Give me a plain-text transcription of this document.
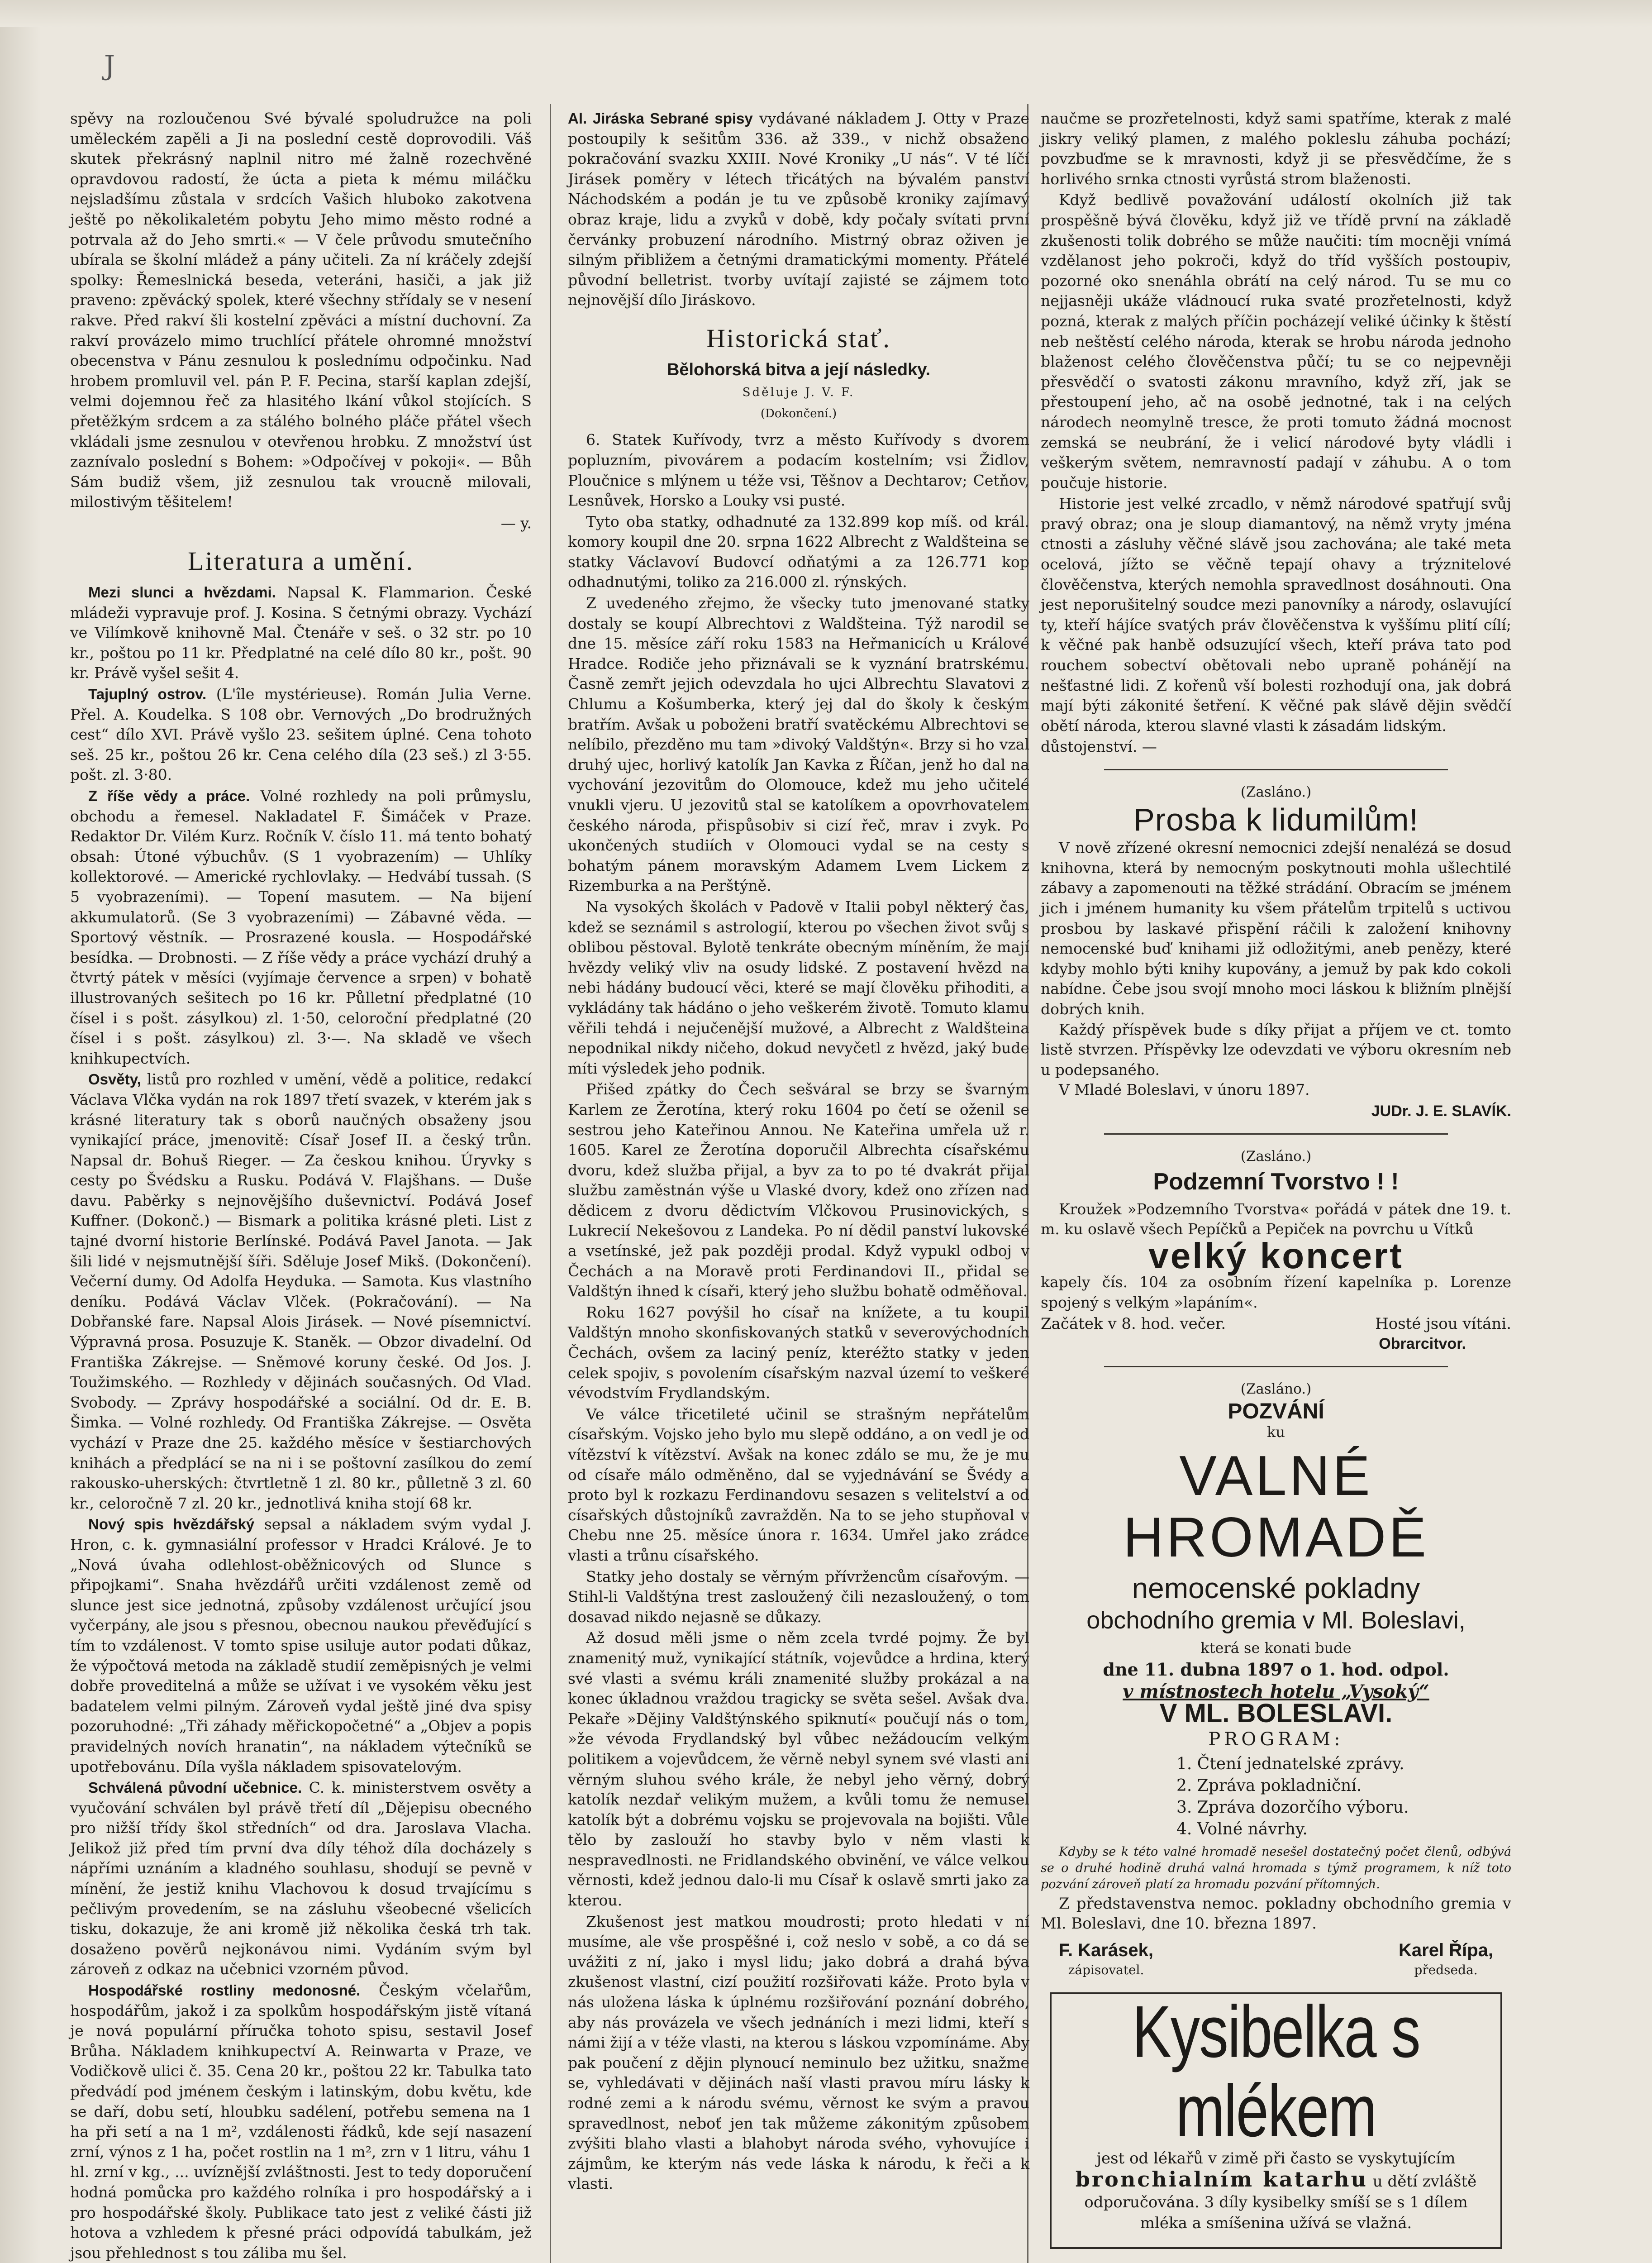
J

spěvy na rozloučenou Své bývalé spoludružce na poli uměleckém zapěli a Ji na poslední cestě doprovodili. Váš skutek překrásný naplnil nitro mé žalně rozechvěné opravdovou radostí, že úcta a pieta k mému miláčku nejsladšímu zůstala v srdcích Vašich hluboko zakotvena ještě po několikaletém pobytu Jeho mimo město rodné a potrvala až do Jeho smrti.« — V čele průvodu smutečního ubírala se školní mládež a pány učiteli. Za ní kráčely zdejší spolky: Řemeslnická beseda, veteráni, hasiči, a jak již praveno: zpěvácký spolek, které všechny střídaly se v nesení rakve. Před rakví šli kostelní zpěváci a místní duchovní. Za rakví provázelo mimo truchlící přátele ohromné množství obecenstva v Pánu zesnulou k poslednímu odpočinku. Nad hrobem promluvil vel. pán P. F. Pecina, starší kaplan zdejší, velmi dojemnou řeč za hlasitého lkání vůkol stojících. S přetěžkým srdcem a za stálého bolného pláče přátel všech vkládali jsme zesnulou v otevřenou hrobku. Z množství úst zaznívalo poslední s Bohem: »Odpočívej v pokoji«. — Bůh Sám budiž všem, již zesnulou tak vroucně milovali, milostivým těšitelem!

— y.

Literatura a umění.

Mezi slunci a hvězdami. Napsal K. Flammarion. České mládeži vypravuje prof. J. Kosina. S četnými obrazy. Vychází ve Vilímkově knihovně Mal. Čtenáře v seš. o 32 str. po 10 kr., poštou po 11 kr. Předplatné na celé dílo 80 kr., pošt. 90 kr. Právě vyšel sešit 4.

Tajuplný ostrov. (L'île mystérieuse). Román Julia Verne. Přel. A. Koudelka. S 108 obr. Vernových „Do brodružných cest“ dílo XVI. Právě vyšlo 23. sešitem úplné. Cena tohoto seš. 25 kr., poštou 26 kr. Cena celého díla (23 seš.) zl 3·55. pošt. zl. 3·80.

Z říše vědy a práce. Volné rozhledy na poli průmyslu, obchodu a řemesel. Nakladatel F. Šimáček v Praze. Redaktor Dr. Vilém Kurz. Ročník V. číslo 11. má tento bohatý obsah: Útoné výbuchův. (S 1 vyobrazením) — Uhlíky kollektorové. — Americké rychlovlaky. — Hedvábí tussah. (S 5 vyobrazeními). — Topení masutem. — Na bijení akkumulatorů. (Se 3 vyobrazeními) — Zábavné věda. — Sportový věstník. — Prosrazené kousla. — Hospodářské besídka. — Drobnosti. — Z říše vědy a práce vychází druhý a čtvrtý pátek v měsíci (vyjímaje července a srpen) v bohatě illustrovaných sešitech po 16 kr. Půlletní předplatné (10 čísel i s pošt. zásylkou) zl. 1·50, celoroční předplatné (20 čísel i s pošt. zásylkou) zl. 3·—. Na skladě ve všech knihkupectvích.

Osvěty, listů pro rozhled v umění, vědě a politice, redakcí Václava Vlčka vydán na rok 1897 třetí svazek, v kterém jak s krásné literatury tak s oborů naučných obsaženy jsou vynikající práce, jmenovitě: Císař Josef II. a český trůn. Napsal dr. Bohuš Rieger. — Za českou knihou. Úryvky s cesty po Švédsku a Rusku. Podává V. Flajšhans. — Duše davu. Paběrky s nejnovějšího duševnictví. Podává Josef Kuffner. (Dokonč.) — Bismark a politika krásné pleti. List z tajné dvorní historie Berlínské. Podává Pavel Janota. — Jak šili lidé v nejsmutnější šíři. Sděluje Josef Mikš. (Dokončení). Večerní dumy. Od Adolfa Heyduka. — Samota. Kus vlastního deníku. Podává Václav Vlček. (Pokračování). — Na Dobřanské fare. Napsal Alois Jirásek. — Nové písemnictví. Výpravná prosa. Posuzuje K. Staněk. — Obzor divadelní. Od Františka Zákrejse. — Sněmové koruny české. Od Jos. J. Toužimského. — Rozhledy v dějinách současných. Od Vlad. Svobody. — Zprávy hospodářské a sociální. Od dr. E. B. Šimka. — Volné rozhledy. Od Františka Zákrejse. — Osvěta vychází v Praze dne 25. každého měsíce v šestiarchových knihách a předplácí se na ni i se poštovní zasílkou do zemí rakousko-uherských: čtvrtletně 1 zl. 80 kr., půlletně 3 zl. 60 kr., celoročně 7 zl. 20 kr., jednotlivá kniha stojí 68 kr.

Nový spis hvězdářský sepsal a nákladem svým vydal J. Hron, c. k. gymnasiální professor v Hradci Králové. Je to „Nová úvaha odlehlost-oběžnicových od Slunce s připojkami“. Snaha hvězdářů určiti vzdálenost země od slunce jest sice jednotná, způsoby vzdálenost určující jsou vyčerpány, ale jsou s přesnou, obecnou naukou převěďující s tím to vzdálenost. V tomto spise usiluje autor podati důkaz, že výpočtová metoda na základě studií zeměpisných je velmi dobře proveditelná a může se užívat i ve vysokém věku jest badatelem velmi pilným. Zároveň vydal ještě jiné dva spisy pozoruhodné: „Tři záhady měřickopočetné“ a „Objev a popis pravidelných novích hranatin“, na nákladem výtečníků se upotřebovánu. Díla vyšla nákladem spisovatelovým.

Schválená původní učebnice. C. k. ministerstvem osvěty a vyučování schválen byl právě třetí díl „Dějepisu obecného pro nižší třídy škol středních“ od dra. Jaroslava Vlacha. Jelikož již před tím první dva díly téhož díla docházely s nápřími uznáním a kladného souhlasu, shodují se pevně v mínění, že jestiž knihu Vlachovou k dosud trvajícímu s pečlivým provedením, se na zásluhu všeobecné všelicích tisku, dokazuje, že ani kromě již několika česká trh tak. dosaženo pověrů nejkonávou nimi. Vydáním svým byl zároveň z odkaz na učebnici vzorném původ.

Hospodářské rostliny medonosné. Českým včelařům, hospodářům, jakož i za spolkům hospodářským jistě vítaná je nová populární příručka tohoto spisu, sestavil Josef Brůha. Nákladem knihkupectví A. Reinwarta v Praze, ve Vodičkově ulici č. 35. Cena 20 kr., poštou 22 kr. Tabulka tato předvádí pod jménem českým i latinským, dobu květu, kde se daří, dobu setí, hloubku sadélení, potřebu semena na 1 ha při setí a na 1 m², vzdálenosti řádků, kde sejí nasazení zrní, výnos z 1 ha, počet rostlin na 1 m², zrn v 1 litru, váhu 1 hl. zrní v kg., ... uvíznější zvláštnosti. Jest to tedy doporučení hodná pomůcka pro každého rolníka i pro hospodářský a i pro hospodářské školy. Publikace tato jest z veliké části již hotova a vzhledem k přesné práci odpovídá tabulkám, jež jsou přehlednost s tou záliba mu šel.

Al. Jiráska Sebrané spisy vydávané nákladem J. Otty v Praze postoupily k sešitům 336. až 339., v nichž obsaženo pokračování svazku XXIII. Nové Kroniky „U nás“. V té líčí Jirásek poměry v létech třicátých na bývalém panství Náchodském a podán je tu ve způsobě kroniky zajímavý obraz kraje, lidu a zvyků v době, kdy počaly svítati první červánky probuzení národního. Mistrný obraz oživen je silným přibližem a četnými dramatickými momenty. Přátelé původní belletrist. tvorby uvítají zajisté se zájmem toto nejnovější dílo Jiráskovo.

Historická stať.
Bělohorská bitva a její následky.
Sděluje J. V. F.
(Dokončení.)

6. Statek Kuřívody, tvrz a město Kuřívody s dvorem popluzním, pivovárem a podacím kostelním; vsi Židlov, Ploučnice s mlýnem u téže vsi, Těšnov a Dechtarov; Cetňov, Lesnůvek, Horsko a Louky vsi pusté.

Tyto oba statky, odhadnuté za 132.899 kop míš. od král. komory koupil dne 20. srpna 1622 Albrecht z Waldšteina se statky Václavoví Budovcí odňatými a za 126.771 kop odhadnutými, toliko za 216.000 zl. rýnských.

Z uvedeného zřejmo, že všecky tuto jmenované statky dostaly se koupí Albrechtovi z Waldšteina. Týž narodil se dne 15. měsíce září roku 1583 na Heřmanicích u Králové Hradce. Rodiče jeho přiznávali se k vyznání bratrskému. Časně zemřt jejich odevzdala ho ujci Albrechtu Slavatovi z Chlumu a Košumberka, který jej dal do školy k českým bratřím. Avšak u poboženi bratří svatěckému Albrechtovi se nelíbilo, přezděno mu tam »divoký Valdštýn«. Brzy si ho vzal druhý ujec, horlivý katolík Jan Kavka z Říčan, jenž ho dal na vychování jezovitům do Olomouce, kdež mu jeho učitelé vnukli vjeru. U jezovitů stal se katolíkem a opovrhovatelem českého národa, přispůsobiv si cizí řeč, mrav i zvyk. Po ukončených studiích v Olomouci vydal se na cesty s bohatým pánem moravským Adamem Lvem Lickem z Rizemburka a na Perštýně.

Na vysokých školách v Padově v Italii pobyl některý čas, kdež se seznámil s astrologií, kterou po všechen život svůj s oblibou pěstoval. Bylotě tenkráte obecným míněním, že mají hvězdy veliký vliv na osudy lidské. Z postavení hvězd na nebi hádány budoucí věci, které se mají člověku přihoditi, a vykládány tak hádáno o jeho veškerém životě. Tomuto klamu věřili tehdá i nejučenější mužové, a Albrecht z Waldšteina nepodnikal nikdy ničeho, dokud nevyčetl z hvězd, jaký bude míti výsledek jeho podnik.

Přišed zpátky do Čech sešváral se brzy se švarným Karlem ze Žerotína, který roku 1604 po četí se oženil se sestrou jeho Kateřinou Annou. Ne Kateřina umřela už r. 1605. Karel ze Žerotína doporučil Albrechta císařskému dvoru, kdež služba přijal, a byv za to po té dvakrát přijal službu zaměstnán výše u Vlaské dvory, kdež ono zřízen nad dědicem z dvoru dědictvím Vlčkovou Prusinovických, s Lukrecií Nekešovou z Landeka. Po ní dědil panství lukovské a vsetínské, jež pak později prodal. Když vypukl odboj v Čechách a na Moravě proti Ferdinandovi II., přidal se Valdštýn ihned k císaři, který jeho službu bohatě odměňoval.

Roku 1627 povýšil ho císař na knížete, a tu koupil Valdštýn mnoho skonfiskovaných statků v severovýchodních Čechách, ovšem za laciný peníz, kteréžto statky v jeden celek spojiv, s povolením císařským nazval území to veškeré vévodstvím Frydlandským.

Ve válce třicetileté učinil se strašným nepřátelům císařským. Vojsko jeho bylo mu slepě oddáno, a on vedl je od vítězství k vítězství. Avšak na konec zdálo se mu, že je mu od císaře málo odměněno, dal se vyjednávání se Švédy a proto byl k rozkazu Ferdinandovu sesazen s velitelství a od císařských důstojníků zavražděn. Na to se jeho stupňoval v Chebu nne 25. měsíce února r. 1634. Umřel jako zrádce vlasti a trůnu císařského.

Statky jeho dostaly se věrným přívržencům císařovým. — Stihl-li Valdštýna trest zasloužený čili nezasloužený, o tom dosavad nikdo nejasně se důkazy.

Až dosud měli jsme o něm zcela tvrdé pojmy. Že byl znamenitý muž, vynikající státník, vojevůdce a hrdina, který své vlasti a svému králi znamenité služby prokázal a na konec úkladnou vraždou tragicky se světa sešel. Avšak dva. Pekaře »Dějiny Valdštýnského spiknutí« poučují nás o tom, »že vévoda Frydlandský byl vůbec nežádoucím velkým politikem a vojevůdcem, že věrně nebyl synem své vlasti ani věrným sluhou svého krále, že nebyl jeho věrný, dobrý katolík nezdař velikým mužem, a kvůli tomu že nemusel katolík být a dobrému vojsku se projevovala na bojišti. Vůle tělo by zaslouží ho stavby bylo v něm vlasti k nespravedlnosti. ne Fridlandského obvinění, ve válce velkou věrnosti, kdež jednou dalo-li mu Císař k oslavě smrti jako za kterou.

Zkušenost jest matkou moudrosti; proto hledati v ní musíme, ale vše prospěšné i, což neslo v sobě, a co dá se uvážiti z ní, jako i mysl lidu; jako dobrá a drahá býva zkušenost vlastní, cizí použití rozšiřovati káže. Proto byla v nás uložena láska k úplnému rozšiřování poznání dobrého, aby nás provázela ve všech jednáních i mezi lidmi, kteří s námi žijí a v téže vlasti, na kterou s láskou vzpomínáme. Aby pak poučení z dějin plynoucí neminulo bez užitku, snažme se, vyhledávati v dějinách naší vlasti pravou míru lásky k rodné zemi a k národu svému, věrnost ke svým a pravou spravedlnost, neboť jen tak můžeme zákonitým způsobem zvýšiti blaho vlasti a blahobyt národa svého, vyhovujíce i zájmům, ke kterým nás vede láska k národu, k řeči a k vlasti.

naučme se prozřetelnosti, když sami spatříme, kterak z malé jiskry veliký plamen, z malého pokleslu záhuba pochází; povzbuďme se k mravnosti, když ji se přesvědčíme, že s horlivého srnka ctnosti vyrůstá strom blaženosti.

Když bedlivě považování událostí okolních již tak prospěšně bývá člověku, když již ve třídě první na základě zkušenosti tolik dobrého se může naučiti: tím mocněji vnímá vzdělanost jeho pokroči, když do tříd vyšších postoupiv, pozorné oko snenáhla obrátí na celý národ. Tu se mu co nejjasněji ukáže vládnoucí ruka svaté prozřetelnosti, když pozná, kterak z malých příčin pocházejí veliké účinky k štěstí neb neštěstí celého národa, kterak se hrobu národa jednoho blaženost celého člověčenstva půčí; tu se co nejpevněji přesvědčí o svatosti zákonu mravního, když zří, jak se přestoupení jeho, ač na osobě jednotné, tak i na celých národech neomylně tresce, že proti tomuto žádná mocnost zemská se neubrání, že i velicí národové byty vládli i veškerým světem, nemravností padají v záhubu. A o tom poučuje historie.

Historie jest velké zrcadlo, v němž národové spatřují svůj pravý obraz; ona je sloup diamantový, na němž vryty jména ctnosti a zásluhy věčné slávě jsou zachována; ale také meta ocelová, jížto se věčně tepají ohavy a trýznitelové člověčenstva, kterých nemohla spravedlnost dosáhnouti. Ona jest neporušitelný soudce mezi panovníky a národy, oslavující ty, kteří hájíce svatých práv člověčenstva k vyššímu plití cílí; k věčné pak hanbě odsuzující všech, kteří práva tato pod rouchem sobectví obětovali nebo upraně pohánějí na nešťastné lidi. Z kořenů vší bolesti rozhodují ona, jak dobrá mají býti zákonité šetření. K věčné pak slávě dějin svědčí obětí národa, kterou slavné vlasti k zásadám lidským.

důstojenství. —

(Zasláno.)
Prosba k lidumilům!

V nově zřízené okresní nemocnici zdejší nenalézá se dosud knihovna, která by nemocným poskytnouti mohla ušlechtilé zábavy a zapomenouti na těžké strádání. Obracím se jménem jich i jménem humanity ku všem přátelům trpitelů s uctivou prosbou by laskavé přispění ráčili k založení knihovny nemocenské buď knihami již odložitými, aneb penězy, které kdyby mohlo býti knihy kupovány, a jemuž by pak kdo cokoli nabídne. Čebe jsou svojí mnoho moci láskou k bližním plnější dobrých knih.

Každý příspěvek bude s díky přijat a příjem ve ct. tomto listě stvrzen. Příspěvky lze odevzdati ve výboru okresním neb u podepsaného.

V Mladé Boleslavi, v únoru 1897.

JUDr. J. E. SLAVÍK.
(Zasláno.)
Podzemní Tvorstvo ! !

Kroužek »Podzemního Tvorstva« pořádá v pátek dne 19. t. m. ku oslavě všech Pepíčků a Pepiček na povrchu u Vítků

velký koncert

kapely čís. 104 za osobním řízení kapelníka p. Lorenze spojený s velkým »lapáním«.

Začátek v 8. hod. večer.	Hosté jsou vítáni.
Obrarcitvor.
(Zasláno.)
POZVÁNÍ
ku
VALNÉ HROMADĚ
nemocenské pokladny
obchodního gremia v Ml. Boleslavi,
která se konati bude
dne 11. dubna 1897 o 1. hod. odpol.
v místnostech hotelu „Vysoký“
V ML. BOLESLAVI.
PROGRAM:
1. Čtení jednatelské zprávy.
2. Zpráva pokladniční.
3. Zpráva dozorčího výboru.
4. Volné návrhy.

Kdyby se k této valné hromadě nesešel dostatečný počet členů, odbývá se o druhé hodině druhá valná hromada s týmž programem, k níž toto pozvání zároveň platí za hromadu pozvání přítomných.

Z představenstva nemoc. pokladny obchodního gremia v Ml. Boleslavi, dne 10. března 1897.

F. Karásek,
zápisovatel.
Karel Řípa,
předseda.
Kysibelka s mlékem
jest od lékařů v zimě při často se vyskytujícím
bronchialním katarhu u dětí zvláště odporučována. 3 díly kysibelky smíší se s 1 dílem mléka a smíšenina užívá se vlažná.
